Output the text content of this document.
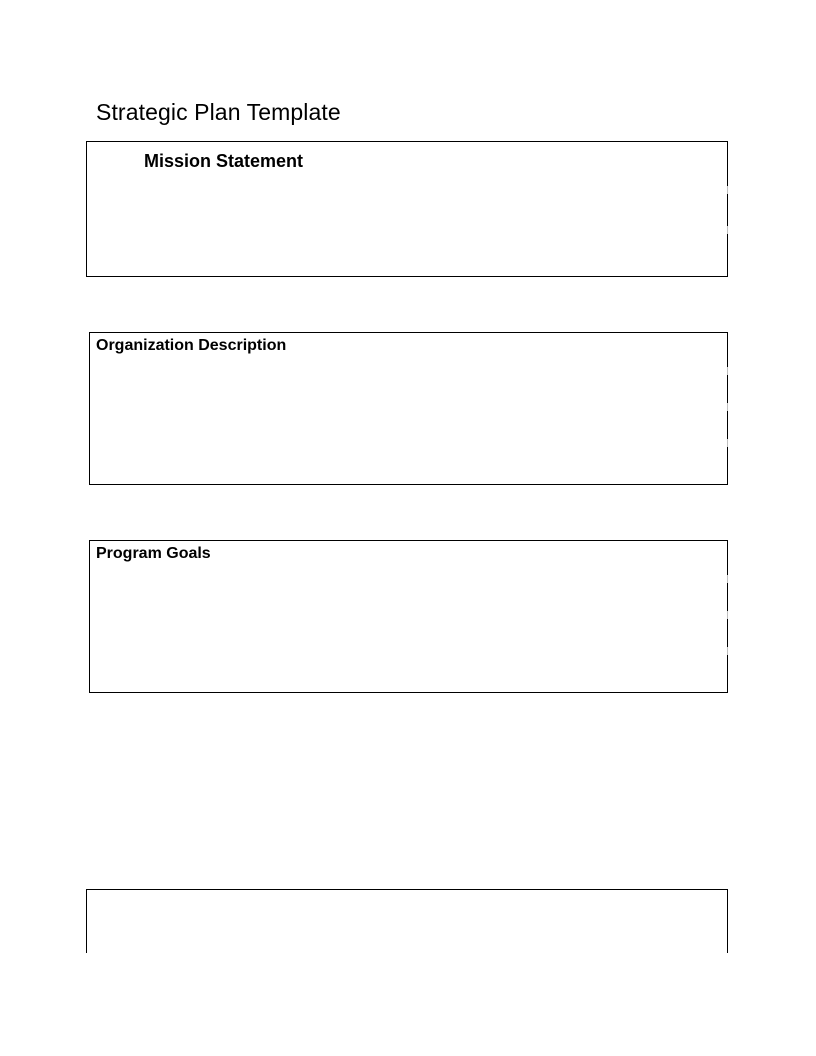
Strategic Plan Template
Mission Statement
Organization Description
Program Goals
